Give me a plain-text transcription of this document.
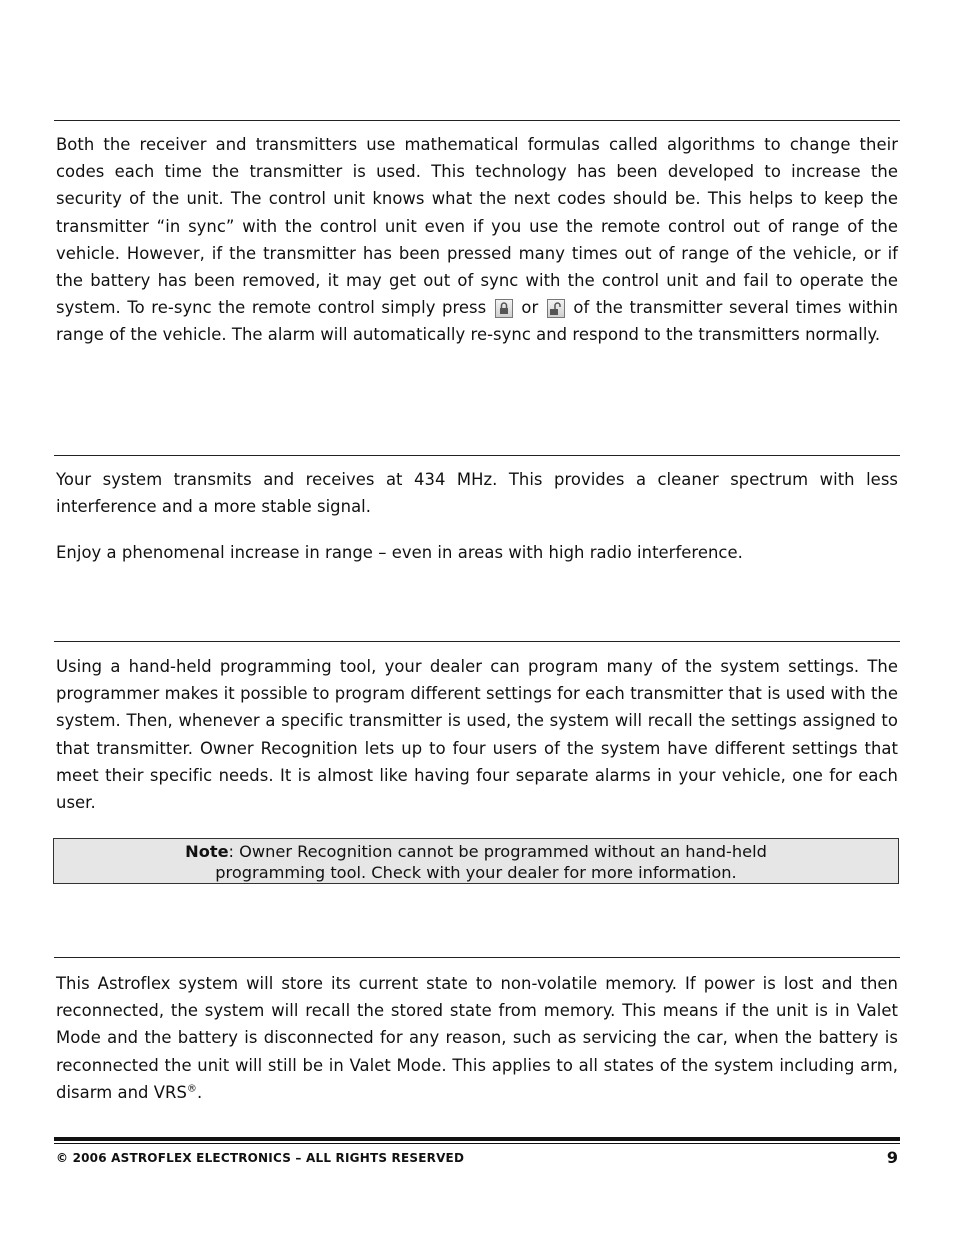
Both the receiver and transmitters use mathematical formulas called algorithms to change their codes each time the transmitter is used. This technology has been developed to increase the security of the unit. The control unit knows what the next codes should be. This helps to keep the transmitter “in sync” with the control unit even if you use the remote control out of range of the vehicle. However, if the transmitter has been pressed many times out of range of the vehicle, or if the battery has been removed, it may get out of sync with the control unit and fail to operate the system. To re-sync the remote control simply press or of the transmitter several times within range of the vehicle. The alarm will automatically re-sync and respond to the transmitters normally.

Your system transmits and receives at 434 MHz. This provides a cleaner spectrum with less interference and a more stable signal.

Enjoy a phenomenal increase in range – even in areas with high radio interference.

Using a hand-held programming tool, your dealer can program many of the system settings. The programmer makes it possible to program different settings for each transmitter that is used with the system. Then, whenever a specific transmitter is used, the system will recall the settings assigned to that transmitter. Owner Recognition lets up to four users of the system have different settings that meet their specific needs. It is almost like having four separate alarms in your vehicle, one for each user.

Note: Owner Recognition cannot be programmed without an hand-held
programming tool. Check with your dealer for more information.

This Astroflex system will store its current state to non-volatile memory. If power is lost and then reconnected, the system will recall the stored state from memory. This means if the unit is in Valet Mode and the battery is disconnected for any reason, such as servicing the car, when the battery is reconnected the unit will still be in Valet Mode. This applies to all states of the system including arm, disarm and VRS®.

© 2006 ASTROFLEX ELECTRONICS – ALL RIGHTS RESERVED	9
